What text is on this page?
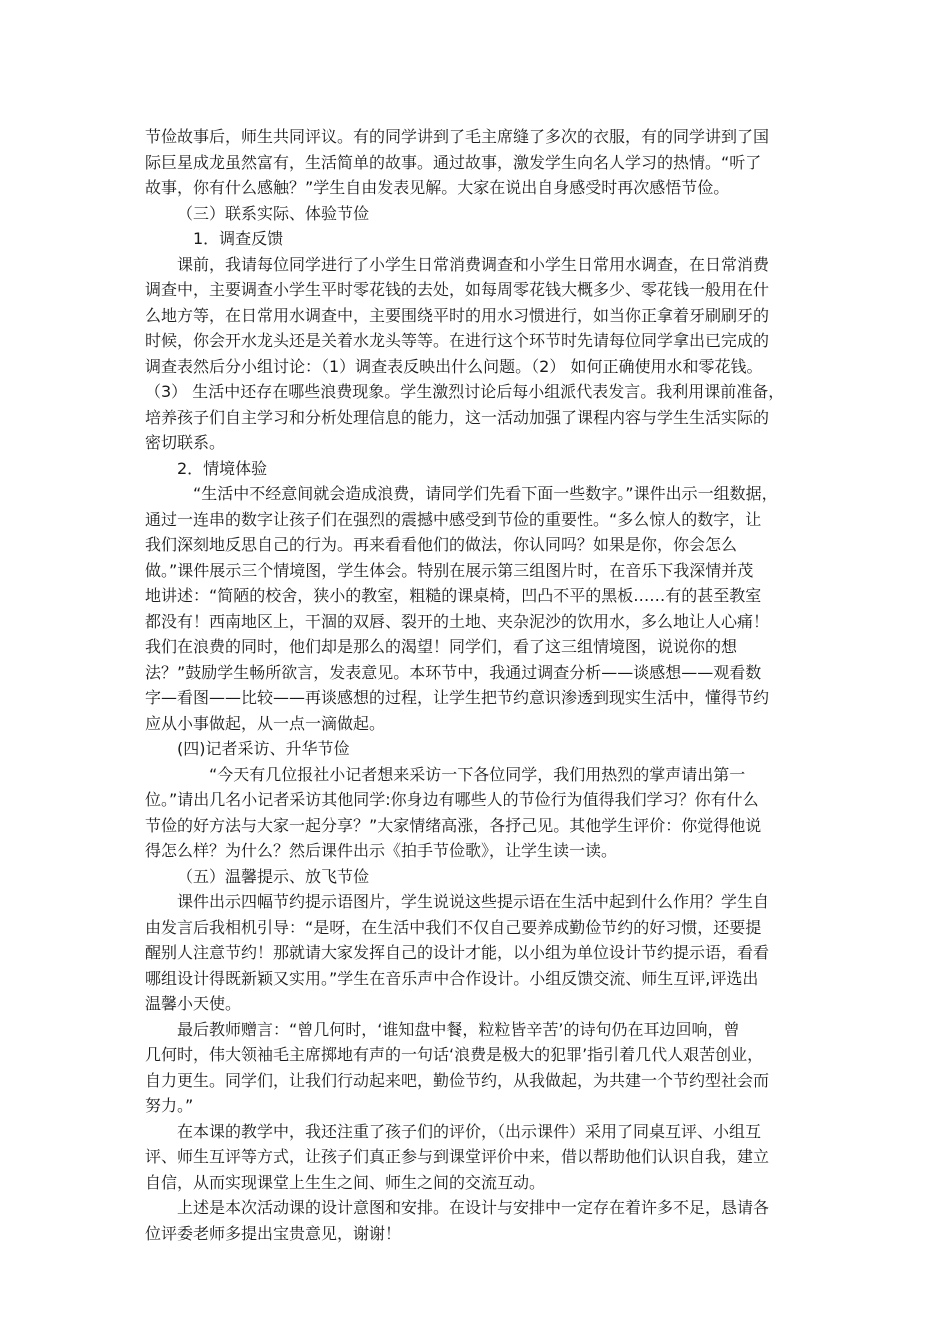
节俭故事后，师生共同评议。有的同学讲到了毛主席缝了多次的衣服，有的同学讲到了国
际巨星成龙虽然富有，生活简单的故事。通过故事，激发学生向名人学习的热情。“听了
故事，你有什么感触？”学生自由发表见解。大家在说出自身感受时再次感悟节俭。
（三）联系实际、体验节俭
1．调查反馈
课前，我请每位同学进行了小学生日常消费调查和小学生日常用水调查，在日常消费
调查中，主要调查小学生平时零花钱的去处，如每周零花钱大概多少、零花钱一般用在什
么地方等，在日常用水调查中，主要围绕平时的用水习惯进行，如当你正拿着牙刷刷牙的
时候，你会开水龙头还是关着水龙头等等。在进行这个环节时先请每位同学拿出已完成的
调查表然后分小组讨论：（1）调查表反映出什么问题。（2） 如何正确使用水和零花钱。
（3） 生活中还存在哪些浪费现象。学生激烈讨论后每小组派代表发言。我利用课前准备，
培养孩子们自主学习和分析处理信息的能力，这一活动加强了课程内容与学生生活实际的
密切联系。
2．情境体验
“生活中不经意间就会造成浪费，请同学们先看下面一些数字。”课件出示一组数据，
通过一连串的数字让孩子们在强烈的震撼中感受到节俭的重要性。“多么惊人的数字，让
我们深刻地反思自己的行为。再来看看他们的做法，你认同吗？如果是你，你会怎么
做。”课件展示三个情境图，学生体会。特别在展示第三组图片时，在音乐下我深情并茂
地讲述：“简陋的校舍，狭小的教室，粗糙的课桌椅，凹凸不平的黑板……有的甚至教室
都没有！西南地区上，干涸的双唇、裂开的土地、夹杂泥沙的饮用水，多么地让人心痛！
我们在浪费的同时，他们却是那么的渴望！同学们，看了这三组情境图，说说你的想
法？”鼓励学生畅所欲言，发表意见。本环节中，我通过调查分析——谈感想——观看数
字—看图——比较——再谈感想的过程，让学生把节约意识渗透到现实生活中，懂得节约
应从小事做起，从一点一滴做起。
(四)记者采访、升华节俭
“今天有几位报社小记者想来采访一下各位同学，我们用热烈的掌声请出第一
位。”请出几名小记者采访其他同学:你身边有哪些人的节俭行为值得我们学习？你有什么
节俭的好方法与大家一起分享？”大家情绪高涨，各抒己见。其他学生评价：你觉得他说
得怎么样？为什么？然后课件出示《拍手节俭歌》，让学生读一读。
（五）温馨提示、放飞节俭
课件出示四幅节约提示语图片，学生说说这些提示语在生活中起到什么作用？学生自
由发言后我相机引导：“是呀，在生活中我们不仅自己要养成勤俭节约的好习惯，还要提
醒别人注意节约！那就请大家发挥自己的设计才能，以小组为单位设计节约提示语，看看
哪组设计得既新颖又实用。”学生在音乐声中合作设计。小组反馈交流、师生互评,评选出
温馨小天使。
最后教师赠言：“曾几何时，‘谁知盘中餐，粒粒皆辛苦’的诗句仍在耳边回响，曾
几何时，伟大领袖毛主席掷地有声的一句话‘浪费是极大的犯罪’指引着几代人艰苦创业，
自力更生。同学们，让我们行动起来吧，勤俭节约，从我做起，为共建一个节约型社会而
努力。”
在本课的教学中，我还注重了孩子们的评价，（出示课件）采用了同桌互评、小组互
评、师生互评等方式，让孩子们真正参与到课堂评价中来，借以帮助他们认识自我，建立
自信，从而实现课堂上生生之间、师生之间的交流互动。
上述是本次活动课的设计意图和安排。在设计与安排中一定存在着许多不足，恳请各
位评委老师多提出宝贵意见，谢谢！
